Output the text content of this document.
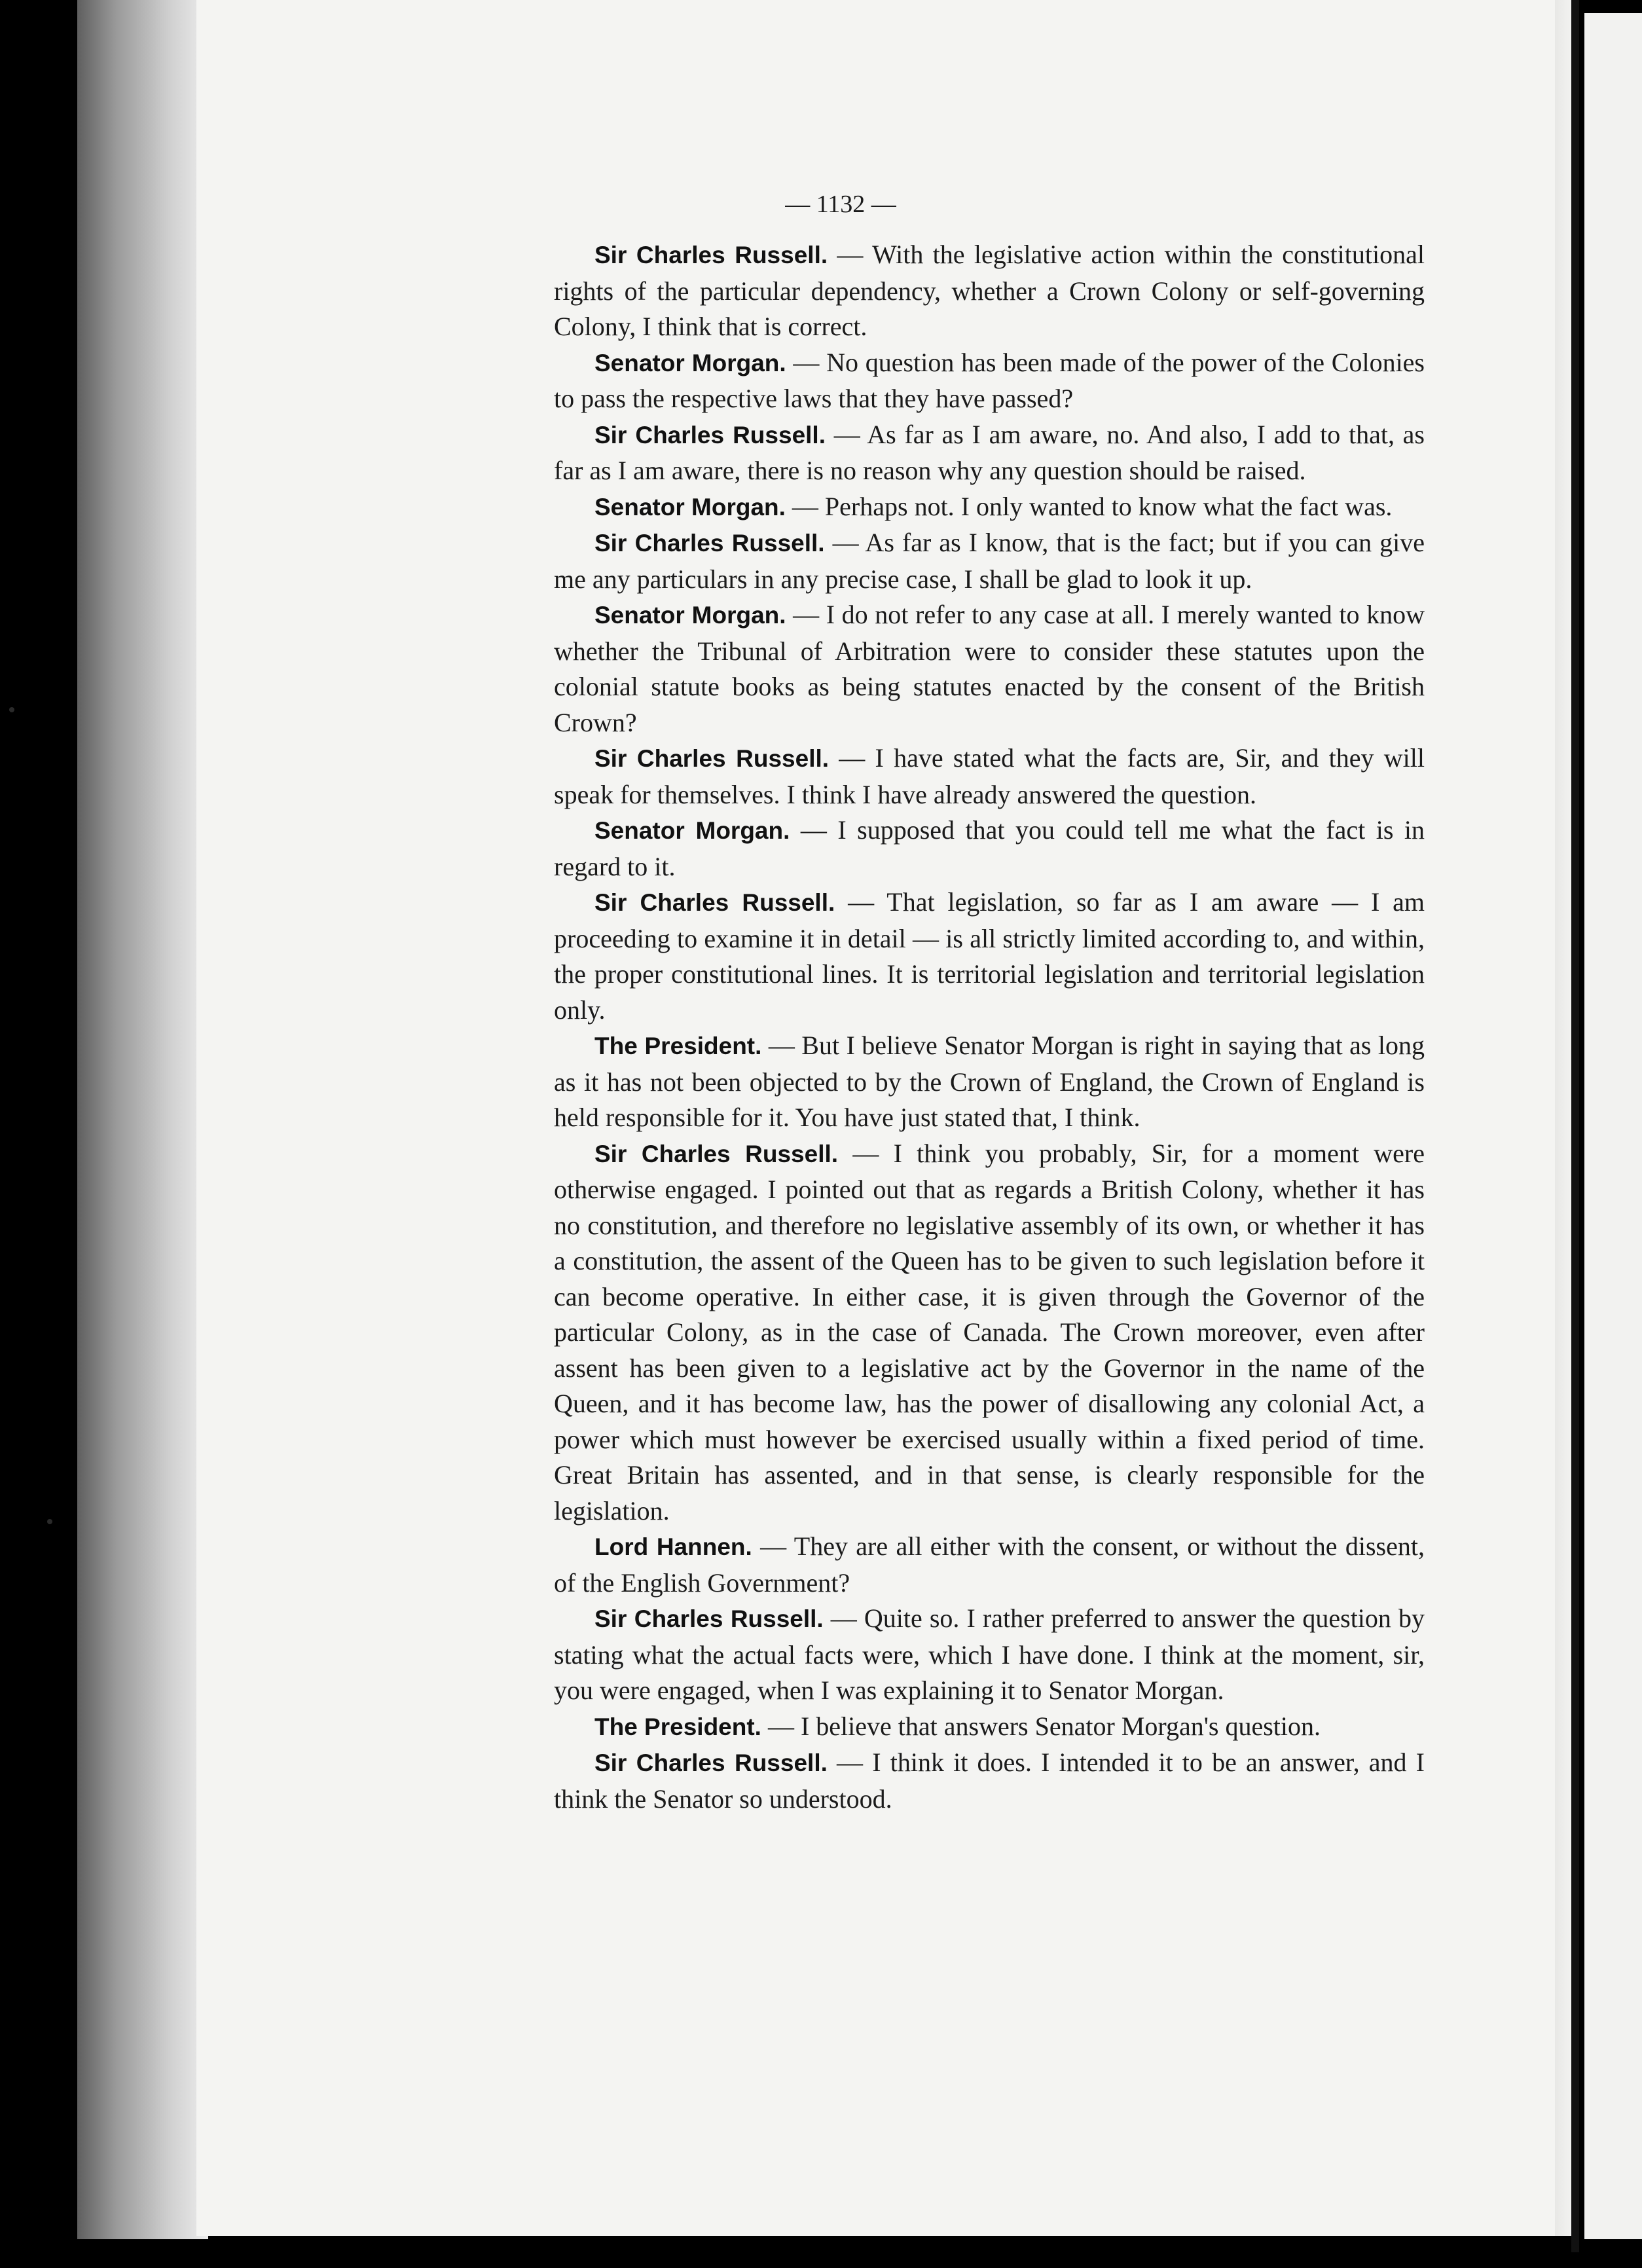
— 1132 —

Sir Charles Russell. — With the legislative action within the constitutional rights of the particular dependency, whether a Crown Colony or self-governing Colony, I think that is correct.

Senator Morgan. — No question has been made of the power of the Colonies to pass the respective laws that they have passed?

Sir Charles Russell. — As far as I am aware, no. And also, I add to that, as far as I am aware, there is no reason why any question should be raised.

Senator Morgan. — Perhaps not. I only wanted to know what the fact was.

Sir Charles Russell. — As far as I know, that is the fact; but if you can give me any particulars in any precise case, I shall be glad to look it up.

Senator Morgan. — I do not refer to any case at all. I merely wanted to know whether the Tribunal of Arbitration were to consider these statutes upon the colonial statute books as being statutes enacted by the consent of the British Crown?

Sir Charles Russell. — I have stated what the facts are, Sir, and they will speak for themselves. I think I have already answered the question.

Senator Morgan. — I supposed that you could tell me what the fact is in regard to it.

Sir Charles Russell. — That legislation, so far as I am aware — I am proceeding to examine it in detail — is all strictly limited according to, and within, the proper constitutional lines. It is territorial legislation and territorial legislation only.

The President. — But I believe Senator Morgan is right in saying that as long as it has not been objected to by the Crown of England, the Crown of England is held responsible for it. You have just stated that, I think.

Sir Charles Russell. — I think you probably, Sir, for a moment were otherwise engaged. I pointed out that as regards a British Colony, whether it has no constitution, and therefore no legislative assembly of its own, or whether it has a constitution, the assent of the Queen has to be given to such legislation before it can become operative. In either case, it is given through the Governor of the particular Colony, as in the case of Canada. The Crown moreover, even after assent has been given to a legislative act by the Governor in the name of the Queen, and it has become law, has the power of disallowing any colonial Act, a power which must however be exercised usually within a fixed period of time. Great Britain has assented, and in that sense, is clearly responsible for the legislation.

Lord Hannen. — They are all either with the consent, or without the dissent, of the English Government?

Sir Charles Russell. — Quite so. I rather preferred to answer the question by stating what the actual facts were, which I have done. I think at the moment, sir, you were engaged, when I was explaining it to Senator Morgan.

The President. — I believe that answers Senator Morgan's question.

Sir Charles Russell. — I think it does. I intended it to be an answer, and I think the Senator so understood.
